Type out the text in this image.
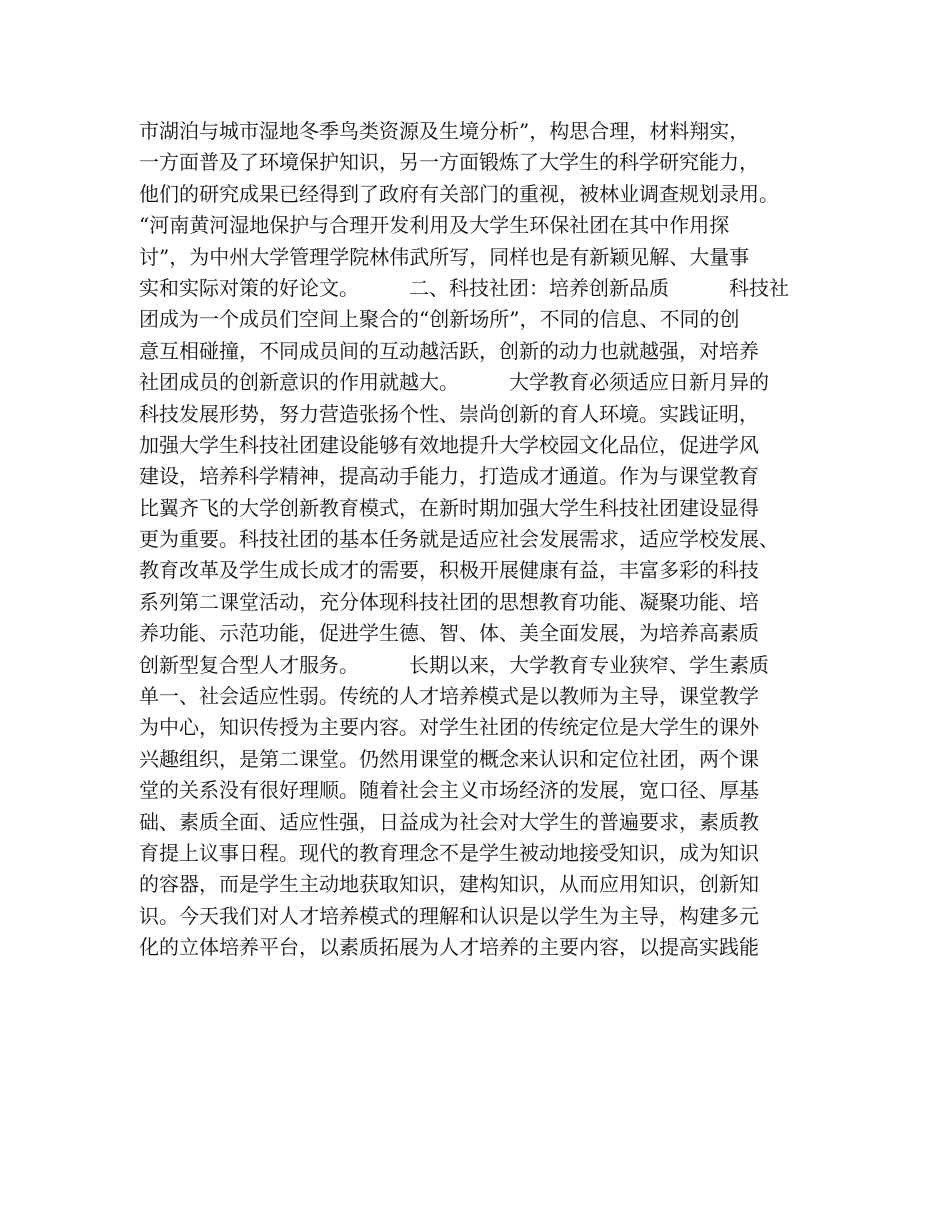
市湖泊与城市湿地冬季鸟类资源及生境分析”，构思合理，材料翔实，
一方面普及了环境保护知识，另一方面锻炼了大学生的科学研究能力，
他们的研究成果已经得到了政府有关部门的重视，被林业调查规划录用。
“河南黄河湿地保护与合理开发利用及大学生环保社团在其中作用探
讨”，为中州大学管理学院林伟武所写，同样也是有新颖见解、大量事
实和实际对策的好论文。　　　二、科技社团：培养创新品质　　　科技社
团成为一个成员们空间上聚合的“创新场所”，不同的信息、不同的创
意互相碰撞，不同成员间的互动越活跃，创新的动力也就越强，对培养
社团成员的创新意识的作用就越大。　　　大学教育必须适应日新月异的
科技发展形势，努力营造张扬个性、崇尚创新的育人环境。实践证明，
加强大学生科技社团建设能够有效地提升大学校园文化品位，促进学风
建设，培养科学精神，提高动手能力，打造成才通道。作为与课堂教育
比翼齐飞的大学创新教育模式，在新时期加强大学生科技社团建设显得
更为重要。科技社团的基本任务就是适应社会发展需求，适应学校发展、
教育改革及学生成长成才的需要，积极开展健康有益，丰富多彩的科技
系列第二课堂活动，充分体现科技社团的思想教育功能、凝聚功能、培
养功能、示范功能，促进学生德、智、体、美全面发展，为培养高素质
创新型复合型人才服务。　　　长期以来，大学教育专业狭窄、学生素质
单一、社会适应性弱。传统的人才培养模式是以教师为主导，课堂教学
为中心，知识传授为主要内容。对学生社团的传统定位是大学生的课外
兴趣组织，是第二课堂。仍然用课堂的概念来认识和定位社团，两个课
堂的关系没有很好理顺。随着社会主义市场经济的发展，宽口径、厚基
础、素质全面、适应性强，日益成为社会对大学生的普遍要求，素质教
育提上议事日程。现代的教育理念不是学生被动地接受知识，成为知识
的容器，而是学生主动地获取知识，建构知识，从而应用知识，创新知
识。今天我们对人才培养模式的理解和认识是以学生为主导，构建多元
化的立体培养平台，以素质拓展为人才培养的主要内容，以提高实践能
